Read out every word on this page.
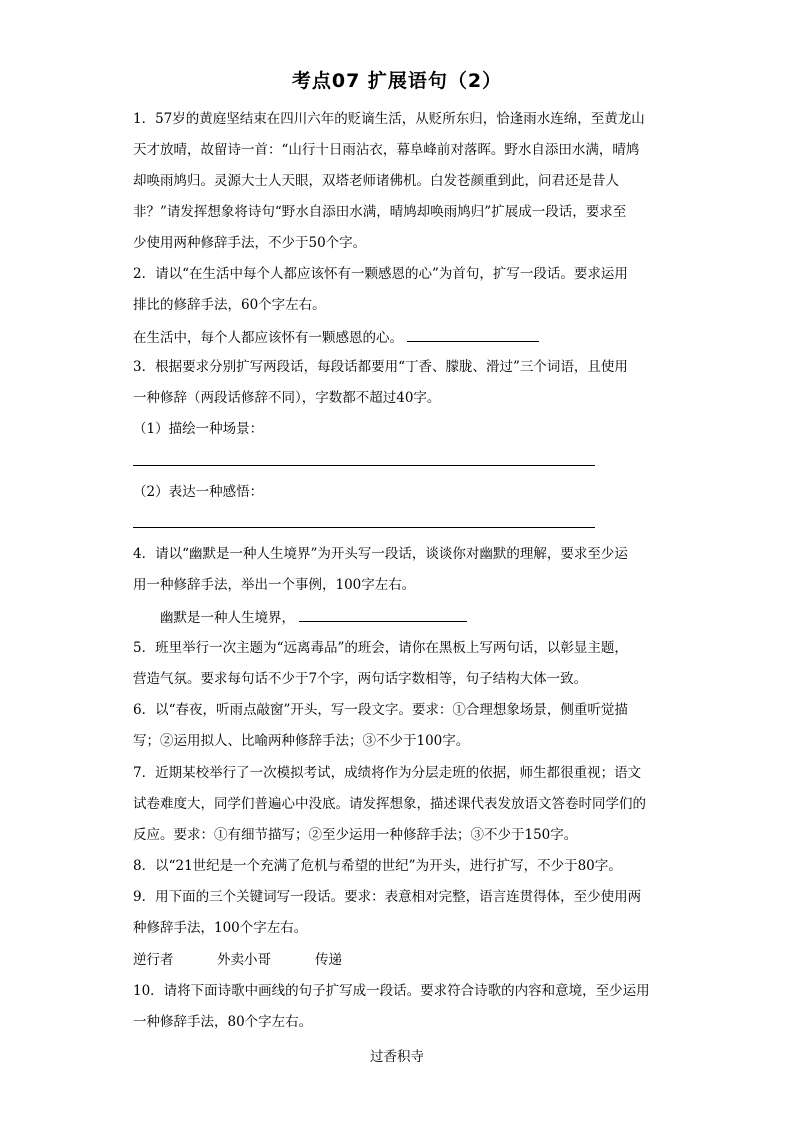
考点07 扩展语句（2）
1．57岁的黄庭坚结束在四川六年的贬谪生活，从贬所东归，恰逢雨水连绵，至黄龙山
天才放晴，故留诗一首：“山行十日雨沾衣，幕阜峰前对落晖。野水自添田水满，晴鸠
却唤雨鸠归。灵源大士人天眼，双塔老师诸佛机。白发苍颜重到此，问君还是昔人
非？”请发挥想象将诗句“野水自添田水满，晴鸠却唤雨鸠归”扩展成一段话，要求至
少使用两种修辞手法，不少于50个字。
2．请以“在生活中每个人都应该怀有一颗感恩的心”为首句，扩写一段话。要求运用
排比的修辞手法，60个字左右。
在生活中，每个人都应该怀有一颗感恩的心。
3．根据要求分别扩写两段话，每段话都要用“丁香、朦胧、滑过”三个词语，且使用
一种修辞（两段话修辞不同），字数都不超过40字。
（1）描绘一种场景：
（2）表达一种感悟：
4．请以“幽默是一种人生境界”为开头写一段话，谈谈你对幽默的理解，要求至少运
用一种修辞手法，举出一个事例，100字左右。
幽默是一种人生境界，
5．班里举行一次主题为“远离毒品”的班会，请你在黑板上写两句话，以彰显主题，
营造气氛。要求每句话不少于7个字，两句话字数相等，句子结构大体一致。
6．以“春夜，听雨点敲窗”开头，写一段文字。要求：①合理想象场景，侧重听觉描
写；②运用拟人、比喻两种修辞手法；③不少于100字。
7．近期某校举行了一次模拟考试，成绩将作为分层走班的依据，师生都很重视；语文
试卷难度大，同学们普遍心中没底。请发挥想象，描述课代表发放语文答卷时同学们的
反应。要求：①有细节描写；②至少运用一种修辞手法；③不少于150字。
8．以“21世纪是一个充满了危机与希望的世纪”为开头，进行扩写，不少于80字。
9．用下面的三个关键词写一段话。要求：表意相对完整，语言连贯得体，至少使用两
种修辞手法，100个字左右。
逆行者	外卖小哥	传递
10．请将下面诗歌中画线的句子扩写成一段话。要求符合诗歌的内容和意境，至少运用
一种修辞手法，80个字左右。
过香积寺
